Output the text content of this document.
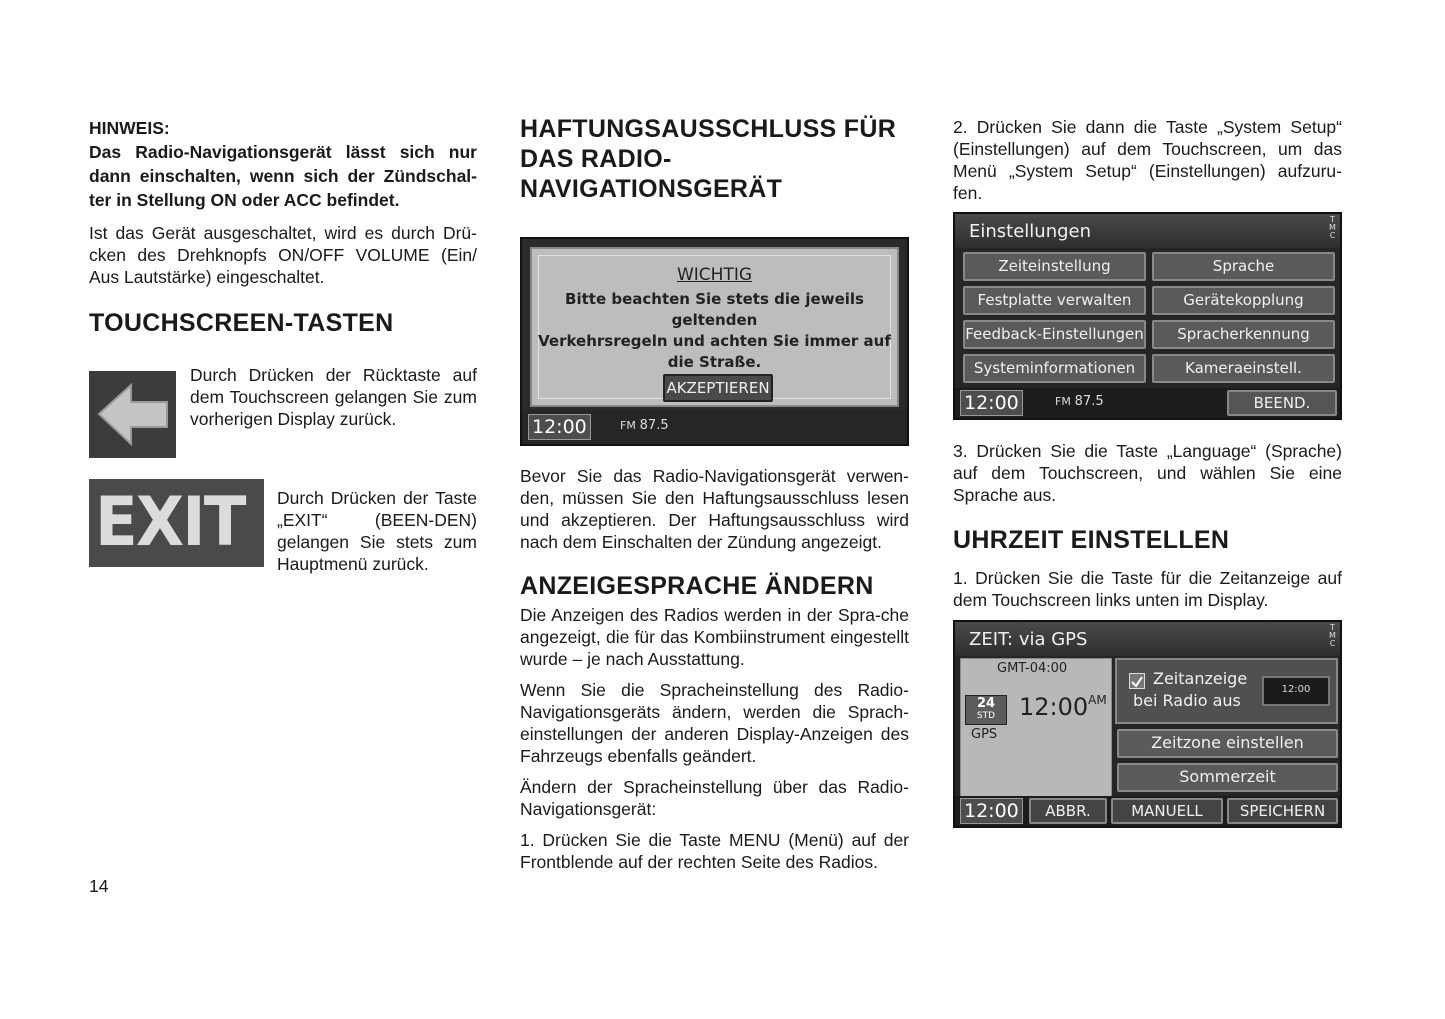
HINWEIS:

Das Radio-Navigationsgerät lässt sich nur

dann einschalten, wenn sich der Zündschal-

ter in Stellung ON oder ACC befindet.

Ist das Gerät ausgeschaltet, wird es durch Drü-cken des Drehknopfs ON/OFF VOLUME (Ein/ Aus Lautstärke) eingeschaltet.

TOUCHSCREEN-TASTEN

Durch Drücken der Rücktaste auf dem Touchscreen gelangen Sie zum vorherigen Display zurück.

EXIT Durch Drücken der Taste „EXIT“ (BEEN-DEN) gelangen Sie stets zum Hauptmenü zurück.

14

HAFTUNGSAUSSCHLUSS FÜR
DAS RADIO-
NAVIGATIONSGERÄT
WICHTIG
Bitte beachten Sie stets die jeweils
geltenden
Verkehrsregeln und achten Sie immer auf
die Straße.
AKZEPTIEREN
12:00	FM 87.5

Bevor Sie das Radio-Navigationsgerät verwen-den, müssen Sie den Haftungsausschluss lesen und akzeptieren. Der Haftungsausschluss wird nach dem Einschalten der Zündung angezeigt.

ANZEIGESPRACHE ÄNDERN

Die Anzeigen des Radios werden in der Spra-che angezeigt, die für das Kombiinstrument eingestellt wurde – je nach Ausstattung.

Wenn Sie die Spracheinstellung des Radio-Navigationsgeräts ändern, werden die Sprach-einstellungen der anderen Display-Anzeigen des Fahrzeugs ebenfalls geändert.

Ändern der Spracheinstellung über das Radio-Navigationsgerät:

1. Drücken Sie die Taste MENU (Menü) auf der Frontblende auf der rechten Seite des Radios.

2. Drücken Sie dann die Taste „System Setup“ (Einstellungen) auf dem Touchscreen, um das Menü „System Setup“ (Einstellungen) aufzuru-fen.

Einstellungen
TMC
Zeiteinstellung	Sprache
Festplatte verwalten	Gerätekopplung
Feedback-Einstellungen	Spracherkennung
Systeminformationen	Kameraeinstell.
12:00	FM 87.5	BEEND.

3. Drücken Sie die Taste „Language“ (Sprache) auf dem Touchscreen, und wählen Sie eine Sprache aus.

UHRZEIT EINSTELLEN

1. Drücken Sie die Taste für die Zeitanzeige auf dem Touchscreen links unten im Display.

ZEIT: via GPS
TMC
GMT-04:00
24
STD $12:00^{AM}$
GPS
Zeitanzeige
bei Radio aus
12:00
Zeitzone einstellen
Sommerzeit
12:00	ABBR.	MANUELL	SPEICHERN
